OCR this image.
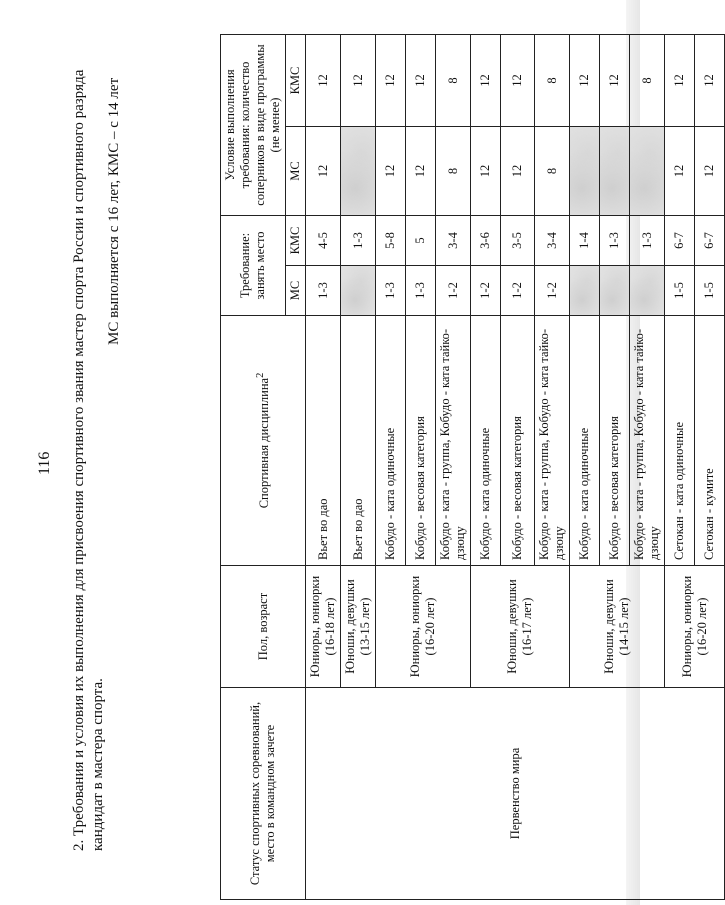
116 2. Требования и условия их выполнения для присвоения спортивного звания мастер спорта России и спортивного разряда кандидат в мастера спорта.
МС выполняется с 16 лет, КМС – с 14 лет
Статус спортивных соревнований, место в командном зачете	Пол, возраст	Спортивная дисциплина$^2$	Требование: занять место		Условие выполнения требования: количество соперников в виде программы (не менее)	
			МС	КМС	МС	КМС
Первенство мира	Юниоры, юниорки (16-18 лет)	Вьет во дао	1-3	4-5	12	12
	Юноши, девушки (13-15 лет)	Вьет во дао		1-3		12
	Юниоры, юниорки (16-20 лет)	Кобудо - ката одиночные	1-3	5-8	12	12
		Кобудо - весовая категория	1-3	5	12	12
		Кобудо - ката - группа, Кобудо - ката тайко-дзюцу	1-2	3-4	8	8
	Юноши, девушки (16-17 лет)	Кобудо - ката одиночные	1-2	3-6	12	12
		Кобудо - весовая категория	1-2	3-5	12	12
		Кобудо - ката - группа, Кобудо - ката тайко-дзюцу	1-2	3-4	8	8
	Юноши, девушки (14-15 лет)	Кобудо - ката одиночные		1-4		12
		Кобудо - весовая категория		1-3		12
		Кобудо - ката - группа, Кобудо - ката тайко-дзюцу		1-3		8
	Юниоры, юниорки (16-20 лет)	Сетокан - ката одиночные	1-5	6-7	12	12
		Сетокан - кумите	1-5	6-7	12	12
